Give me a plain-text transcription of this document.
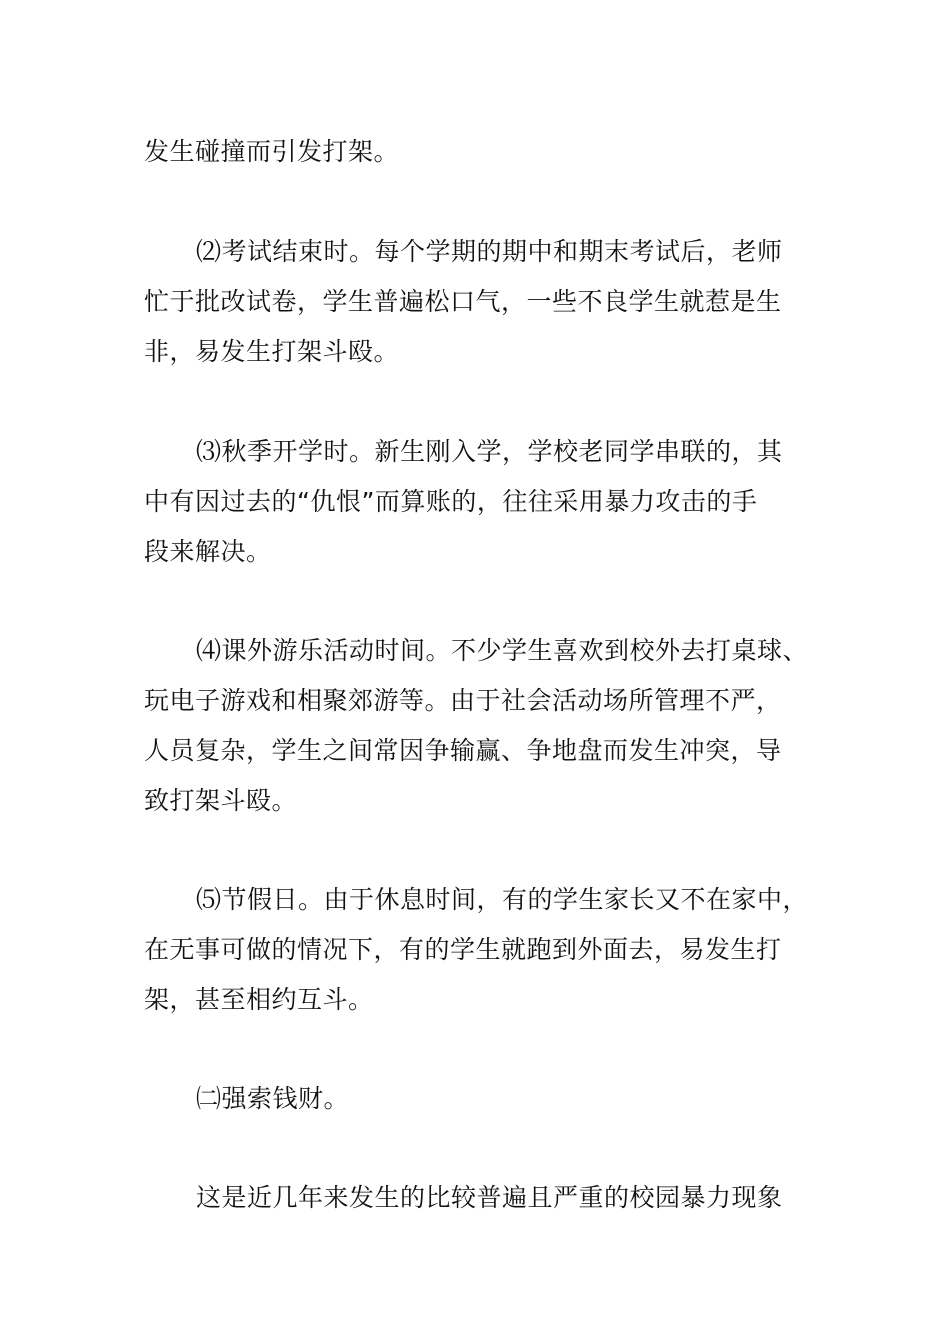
发生碰撞而引发打架。

⑵考试结束时。每个学期的期中和期末考试后，老师
忙于批改试卷，学生普遍松口气，一些不良学生就惹是生
非，易发生打架斗殴。

⑶秋季开学时。新生刚入学，学校老同学串联的，其
中有因过去的“仇恨”而算账的，往往采用暴力攻击的手
段来解决。

⑷课外游乐活动时间。不少学生喜欢到校外去打桌球、
玩电子游戏和相聚郊游等。由于社会活动场所管理不严，
人员复杂，学生之间常因争输赢、争地盘而发生冲突，导
致打架斗殴。

⑸节假日。由于休息时间，有的学生家长又不在家中，
在无事可做的情况下，有的学生就跑到外面去，易发生打
架，甚至相约互斗。

㈡强索钱财。

这是近几年来发生的比较普遍且严重的校园暴力现象
